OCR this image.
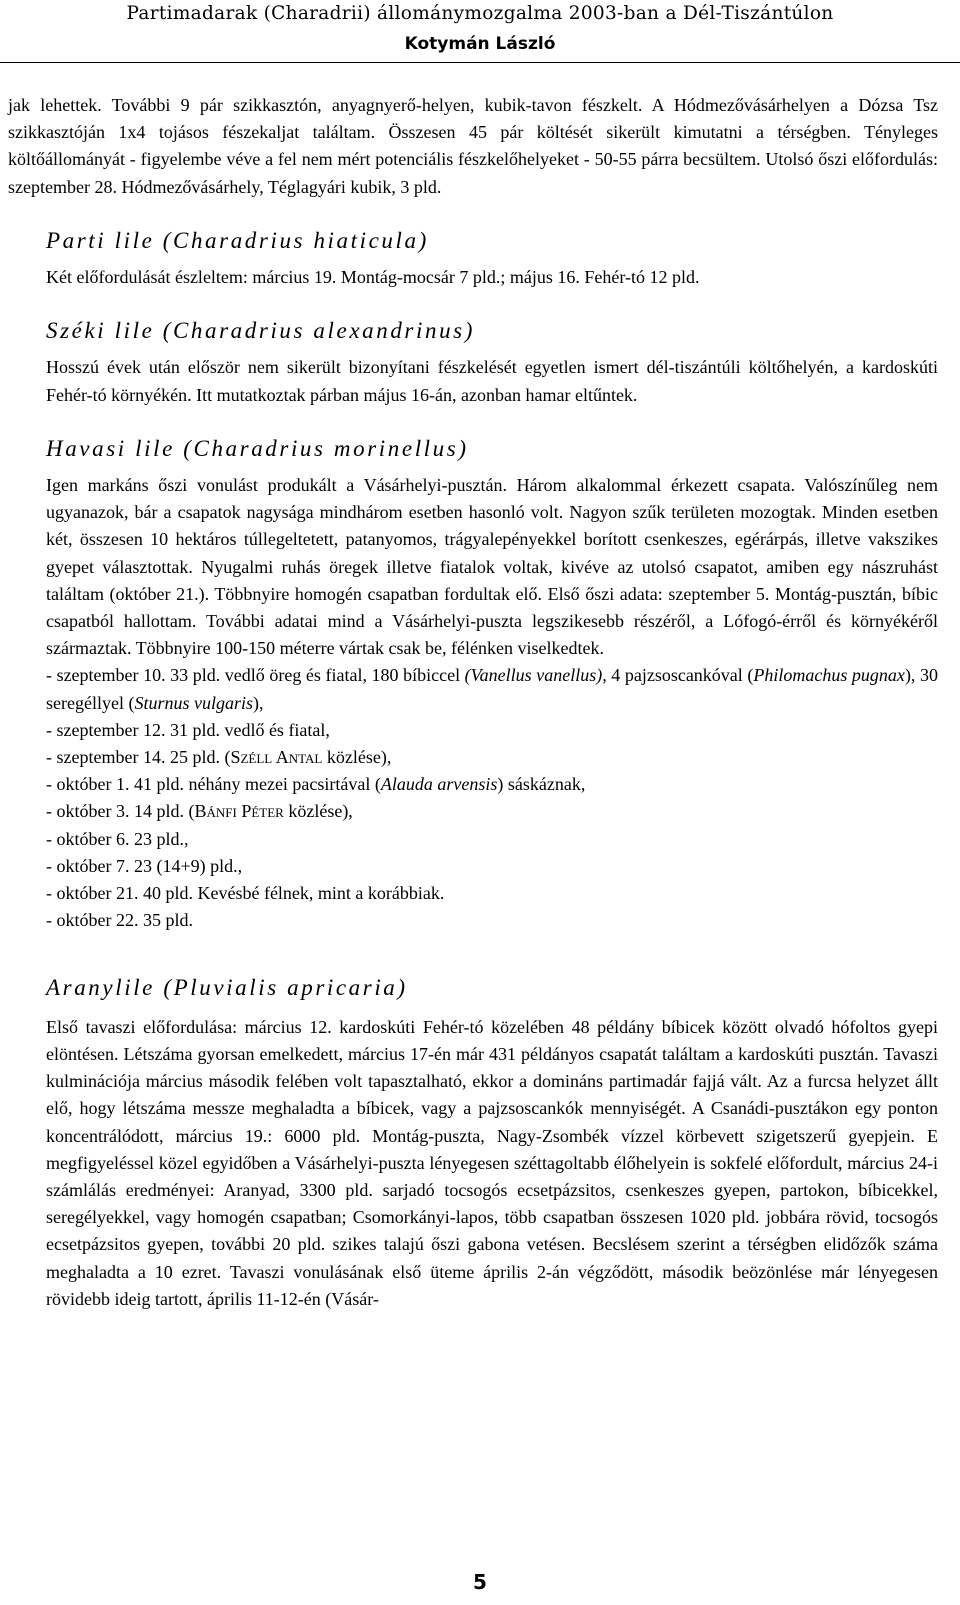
Partimadarak (Charadrii) állománymozgalma 2003-ban a Dél-Tiszántúlon
Kotymán László

jak lehettek. További 9 pár szikkasztón, anyagnyerő-helyen, kubik-tavon fészkelt. A Hódmezővásárhelyen a Dózsa Tsz szikkasztóján 1x4 tojásos fészekaljat találtam. Összesen 45 pár költését sikerült kimutatni a térségben. Tényleges költőállományát - figyelembe véve a fel nem mért potenciális fészkelőhelyeket - 50-55 párra becsültem. Utolsó őszi előfordulás: szeptember 28. Hódmezővásárhely, Téglagyári kubik, 3 pld.

Parti lile (Charadrius hiaticula)

Két előfordulását észleltem: március 19. Montág-mocsár 7 pld.; május 16. Fehér-tó 12 pld.

Széki lile (Charadrius alexandrinus)

Hosszú évek után először nem sikerült bizonyítani fészkelését egyetlen ismert dél-tiszántúli költőhelyén, a kardoskúti Fehér-tó környékén. Itt mutatkoztak párban május 16-án, azonban hamar eltűntek.

Havasi lile (Charadrius morinellus)

Igen markáns őszi vonulást produkált a Vásárhelyi-pusztán. Három alkalommal érkezett csapata. Valószínűleg nem ugyanazok, bár a csapatok nagysága mindhárom esetben hasonló volt. Nagyon szűk területen mozogtak. Minden esetben két, összesen 10 hektáros túllegeltetett, patanyomos, trágyalepényekkel borított csenkeszes, egérárpás, illetve vakszikes gyepet választottak. Nyugalmi ruhás öregek illetve fiatalok voltak, kivéve az utolsó csapatot, amiben egy nászruhást találtam (október 21.). Többnyire homogén csapatban fordultak elő. Első őszi adata: szeptember 5. Montág-pusztán, bíbic csapatból hallottam. További adatai mind a Vásárhelyi-puszta legszikesebb részéről, a Lófogó-érről és környékéről származtak. Többnyire 100-150 méterre vártak csak be, félénken viselkedtek.

- szeptember 10. 33 pld. vedlő öreg és fiatal, 180 bíbiccel (Vanellus vanellus), 4 pajzsoscankóval (Philomachus pugnax), 30 seregéllyel (Sturnus vulgaris),

- szeptember 12. 31 pld. vedlő és fiatal,

- szeptember 14. 25 pld. (Széll Antal közlése),

- október 1. 41 pld. néhány mezei pacsirtával (Alauda arvensis) sáskáznak,

- október 3. 14 pld. (Bánfi Péter közlése),

- október 6. 23 pld.,

- október 7. 23 (14+9) pld.,

- október 21. 40 pld. Kevésbé félnek, mint a korábbiak.

- október 22. 35 pld.

Aranylile (Pluvialis apricaria)

Első tavaszi előfordulása: március 12. kardoskúti Fehér-tó közelében 48 példány bíbicek között olvadó hófoltos gyepi elöntésen. Létszáma gyorsan emelkedett, március 17-én már 431 példányos csapatát találtam a kardoskúti pusztán. Tavaszi kulminációja március második felében volt tapasztalható, ekkor a domináns partimadár fajjá vált. Az a furcsa helyzet állt elő, hogy létszáma messze meghaladta a bíbicek, vagy a pajzsoscankók mennyiségét. A Csanádi-pusztákon egy ponton koncentrálódott, március 19.: 6000 pld. Montág-puszta, Nagy-Zsombék vízzel körbevett szigetszerű gyepjein. E megfigyeléssel közel egyidőben a Vásárhelyi-puszta lényegesen széttagoltabb élőhelyein is sokfelé előfordult, március 24-i számlálás eredményei: Aranyad, 3300 pld. sarjadó tocsogós ecsetpázsitos, csenkeszes gyepen, partokon, bíbicekkel, seregélyekkel, vagy homogén csapatban; Csomorkányi-lapos, több csapatban összesen 1020 pld. jobbára rövid, tocsogós ecsetpázsitos gyepen, további 20 pld. szikes talajú őszi gabona vetésen. Becslésem szerint a térségben elidőzők száma meghaladta a 10 ezret. Tavaszi vonulásának első üteme április 2-án végződött, második beözönlése már lényegesen rövidebb ideig tartott, április 11-12-én (Vásár-

5
